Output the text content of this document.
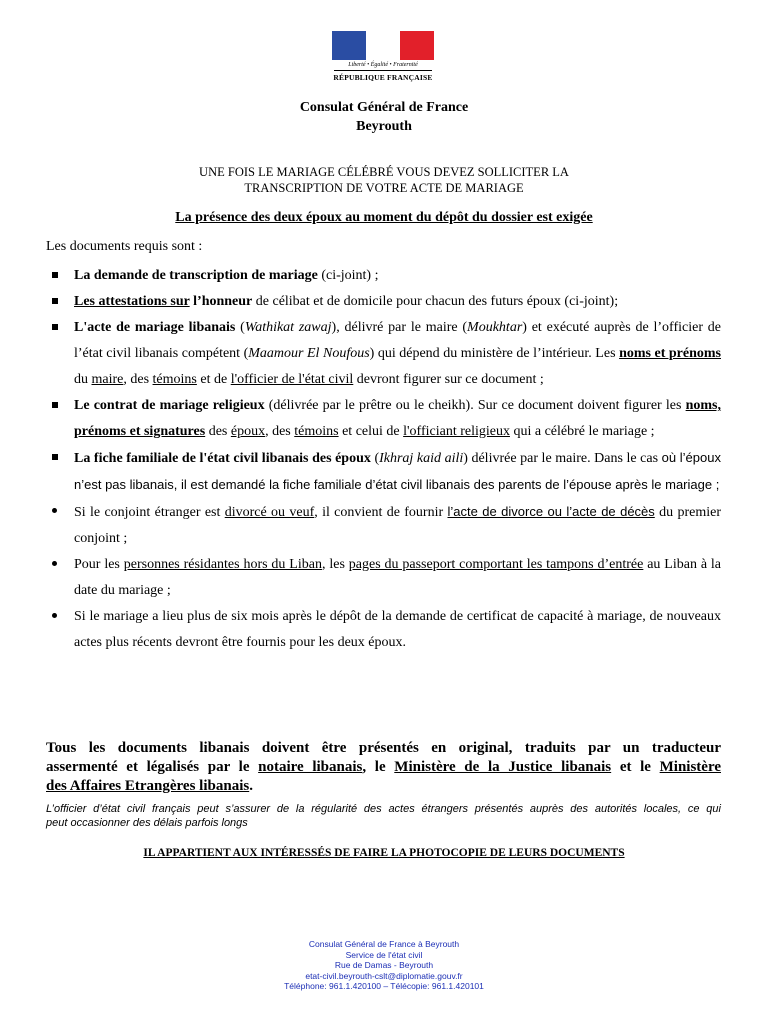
Liberté • Égalité • Fraternité
RÉPUBLIQUE FRANÇAISE
Consulat Général de France
Beyrouth
UNE FOIS LE MARIAGE CÉLÉBRÉ VOUS DEVEZ SOLLICITER LA
TRANSCRIPTION DE VOTRE ACTE DE MARIAGE
La présence des deux époux au moment du dépôt du dossier est exigée
Les documents requis sont :
La demande de transcription de mariage (ci-joint) ;
Les attestations sur l’honneur de célibat et de domicile pour chacun des futurs époux (ci-joint);
L'acte de mariage libanais (Wathikat zawaj), délivré par le maire (Moukhtar) et exécuté auprès de l’officier de l’état civil libanais compétent (Maamour El Noufous) qui dépend du ministère de l’intérieur. Les noms et prénoms du maire, des témoins et de l'officier de l'état civil devront figurer sur ce document ;
Le contrat de mariage religieux (délivrée par le prêtre ou le cheikh). Sur ce document doivent figurer les noms, prénoms et signatures des époux, des témoins et celui de l'officiant religieux qui a célébré le mariage ;
La fiche familiale de l'état civil libanais des époux (Ikhraj kaid aili) délivrée par le maire. Dans le cas où l’époux n’est pas libanais, il est demandé la fiche familiale d’état civil libanais des parents de l’épouse après le mariage ;
Si le conjoint étranger est divorcé ou veuf, il convient de fournir l’acte de divorce ou l’acte de décès du premier conjoint ;
Pour les personnes résidantes hors du Liban, les pages du passeport comportant les tampons d’entrée au Liban à la date du mariage ;
Si le mariage a lieu plus de six mois après le dépôt de la demande de certificat de capacité à mariage, de nouveaux actes plus récents devront être fournis pour les deux époux.
Tous les documents libanais doivent être présentés en original, traduits par un traducteur
assermenté et légalisés par le notaire libanais, le Ministère de la Justice libanais et le Ministère
des Affaires Etrangères libanais.
L’officier d’état civil français peut s’assurer de la régularité des actes étrangers présentés auprès des autorités locales, ce qui
peut occasionner des délais parfois longs
IL APPARTIENT AUX INTÉRESSÉS DE FAIRE LA PHOTOCOPIE DE LEURS DOCUMENTS
Consulat Général de France à Beyrouth
Service de l'état civil
Rue de Damas - Beyrouth
etat-civil.beyrouth-cslt@diplomatie.gouv.fr
Téléphone: 961.1.420100 – Télécopie: 961.1.420101
